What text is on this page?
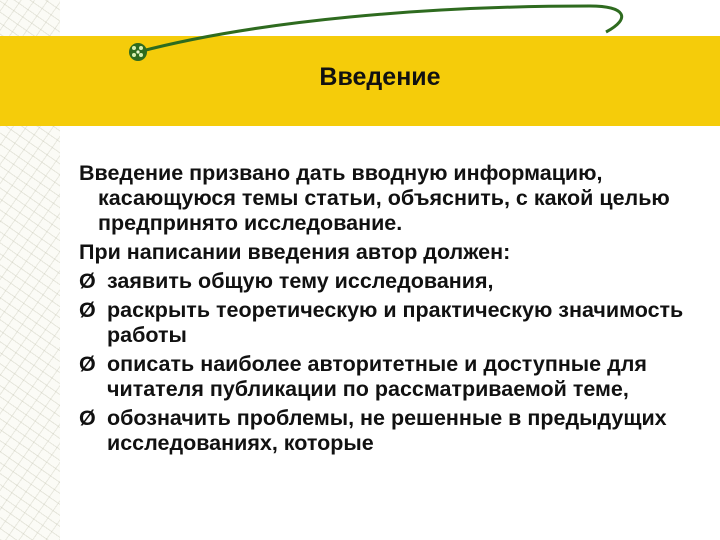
Введение
Введение призвано дать вводную информацию, касающуюся темы статьи, объяснить, с какой целью предпринято исследование.
При написании введения автор должен:
Ø заявить общую тему исследования,
Ø раскрыть теоретическую и практическую значимость работы
Ø описать наиболее авторитетные и доступные для читателя публикации по рассматриваемой теме,
Ø обозначить проблемы, не решенные в предыдущих исследованиях, которые
